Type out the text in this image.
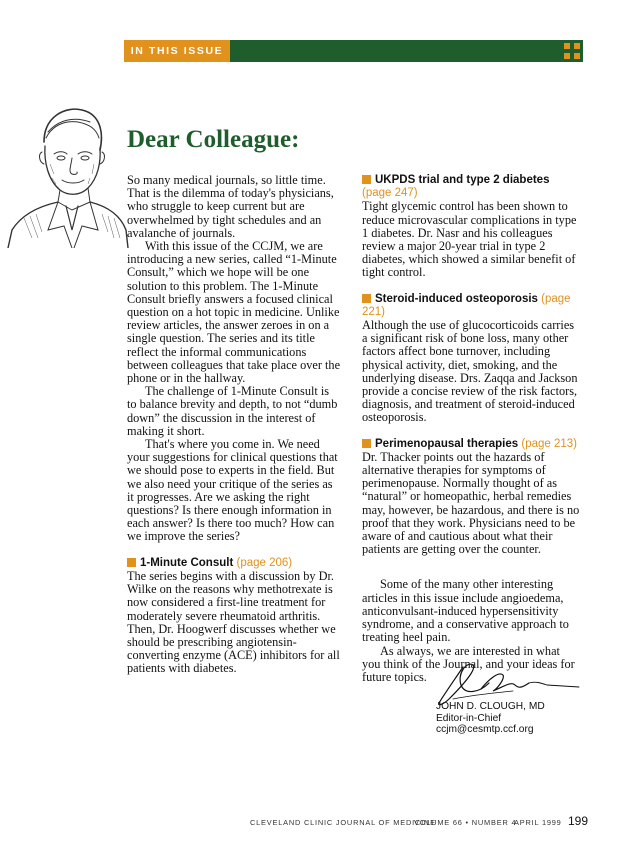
IN THIS ISSUE
Dear Colleague:

So many medical journals, so little time. That is the dilemma of today's physicians, who struggle to keep current but are overwhelmed by tight schedules and an avalanche of journals.

With this issue of the CCJM, we are introducing a new series, called “1-Minute Consult,” which we hope will be one solution to this problem. The 1-Minute Consult briefly answers a focused clinical question on a hot topic in medicine. Unlike review articles, the answer zeroes in on a single question. The series and its title reflect the informal communications between colleagues that take place over the phone or in the hallway.

The challenge of 1-Minute Consult is to balance brevity and depth, to not “dumb down” the discussion in the interest of making it short.

That's where you come in. We need your suggestions for clinical questions that we should pose to experts in the field. But we also need your critique of the series as it progresses. Are we asking the right questions? Is there enough information in each answer? Is there too much? How can we improve the series?

1-Minute Consult (page 206)

The series begins with a discussion by Dr. Wilke on the reasons why methotrexate is now considered a first-line treatment for moderately severe rheumatoid arthritis. Then, Dr. Hoogwerf discusses whether we should be prescribing angiotensin-converting enzyme (ACE) inhibitors for all patients with diabetes.

UKPDS trial and type 2 diabetes (page 247)

Tight glycemic control has been shown to reduce microvascular complications in type 1 diabetes. Dr. Nasr and his colleagues review a major 20-year trial in type 2 diabetes, which showed a similar benefit of tight control.

Steroid-induced osteoporosis (page 221)

Although the use of glucocorticoids carries a significant risk of bone loss, many other factors affect bone turnover, including physical activity, diet, smoking, and the underlying disease. Drs. Zaqqa and Jackson provide a concise review of the risk factors, diagnosis, and treatment of steroid-induced osteoporosis.

Perimenopausal therapies (page 213)

Dr. Thacker points out the hazards of alternative therapies for symptoms of perimenopause. Normally thought of as “natural” or homeopathic, herbal remedies may, however, be hazardous, and there is no proof that they work. Physicians need to be aware of and cautious about what their patients are getting over the counter.

Some of the many other interesting articles in this issue include angioedema, anticonvulsant-induced hypersensitivity syndrome, and a conservative approach to treating heel pain.

As always, we are interested in what you think of the Journal, and your ideas for future topics.

JOHN D. CLOUGH, MD
Editor-in-Chief
ccjm@cesmtp.ccf.org
CLEVELAND CLINIC JOURNAL OF MEDICINE
VOLUME 66 • NUMBER 4
APRIL 1999 199
